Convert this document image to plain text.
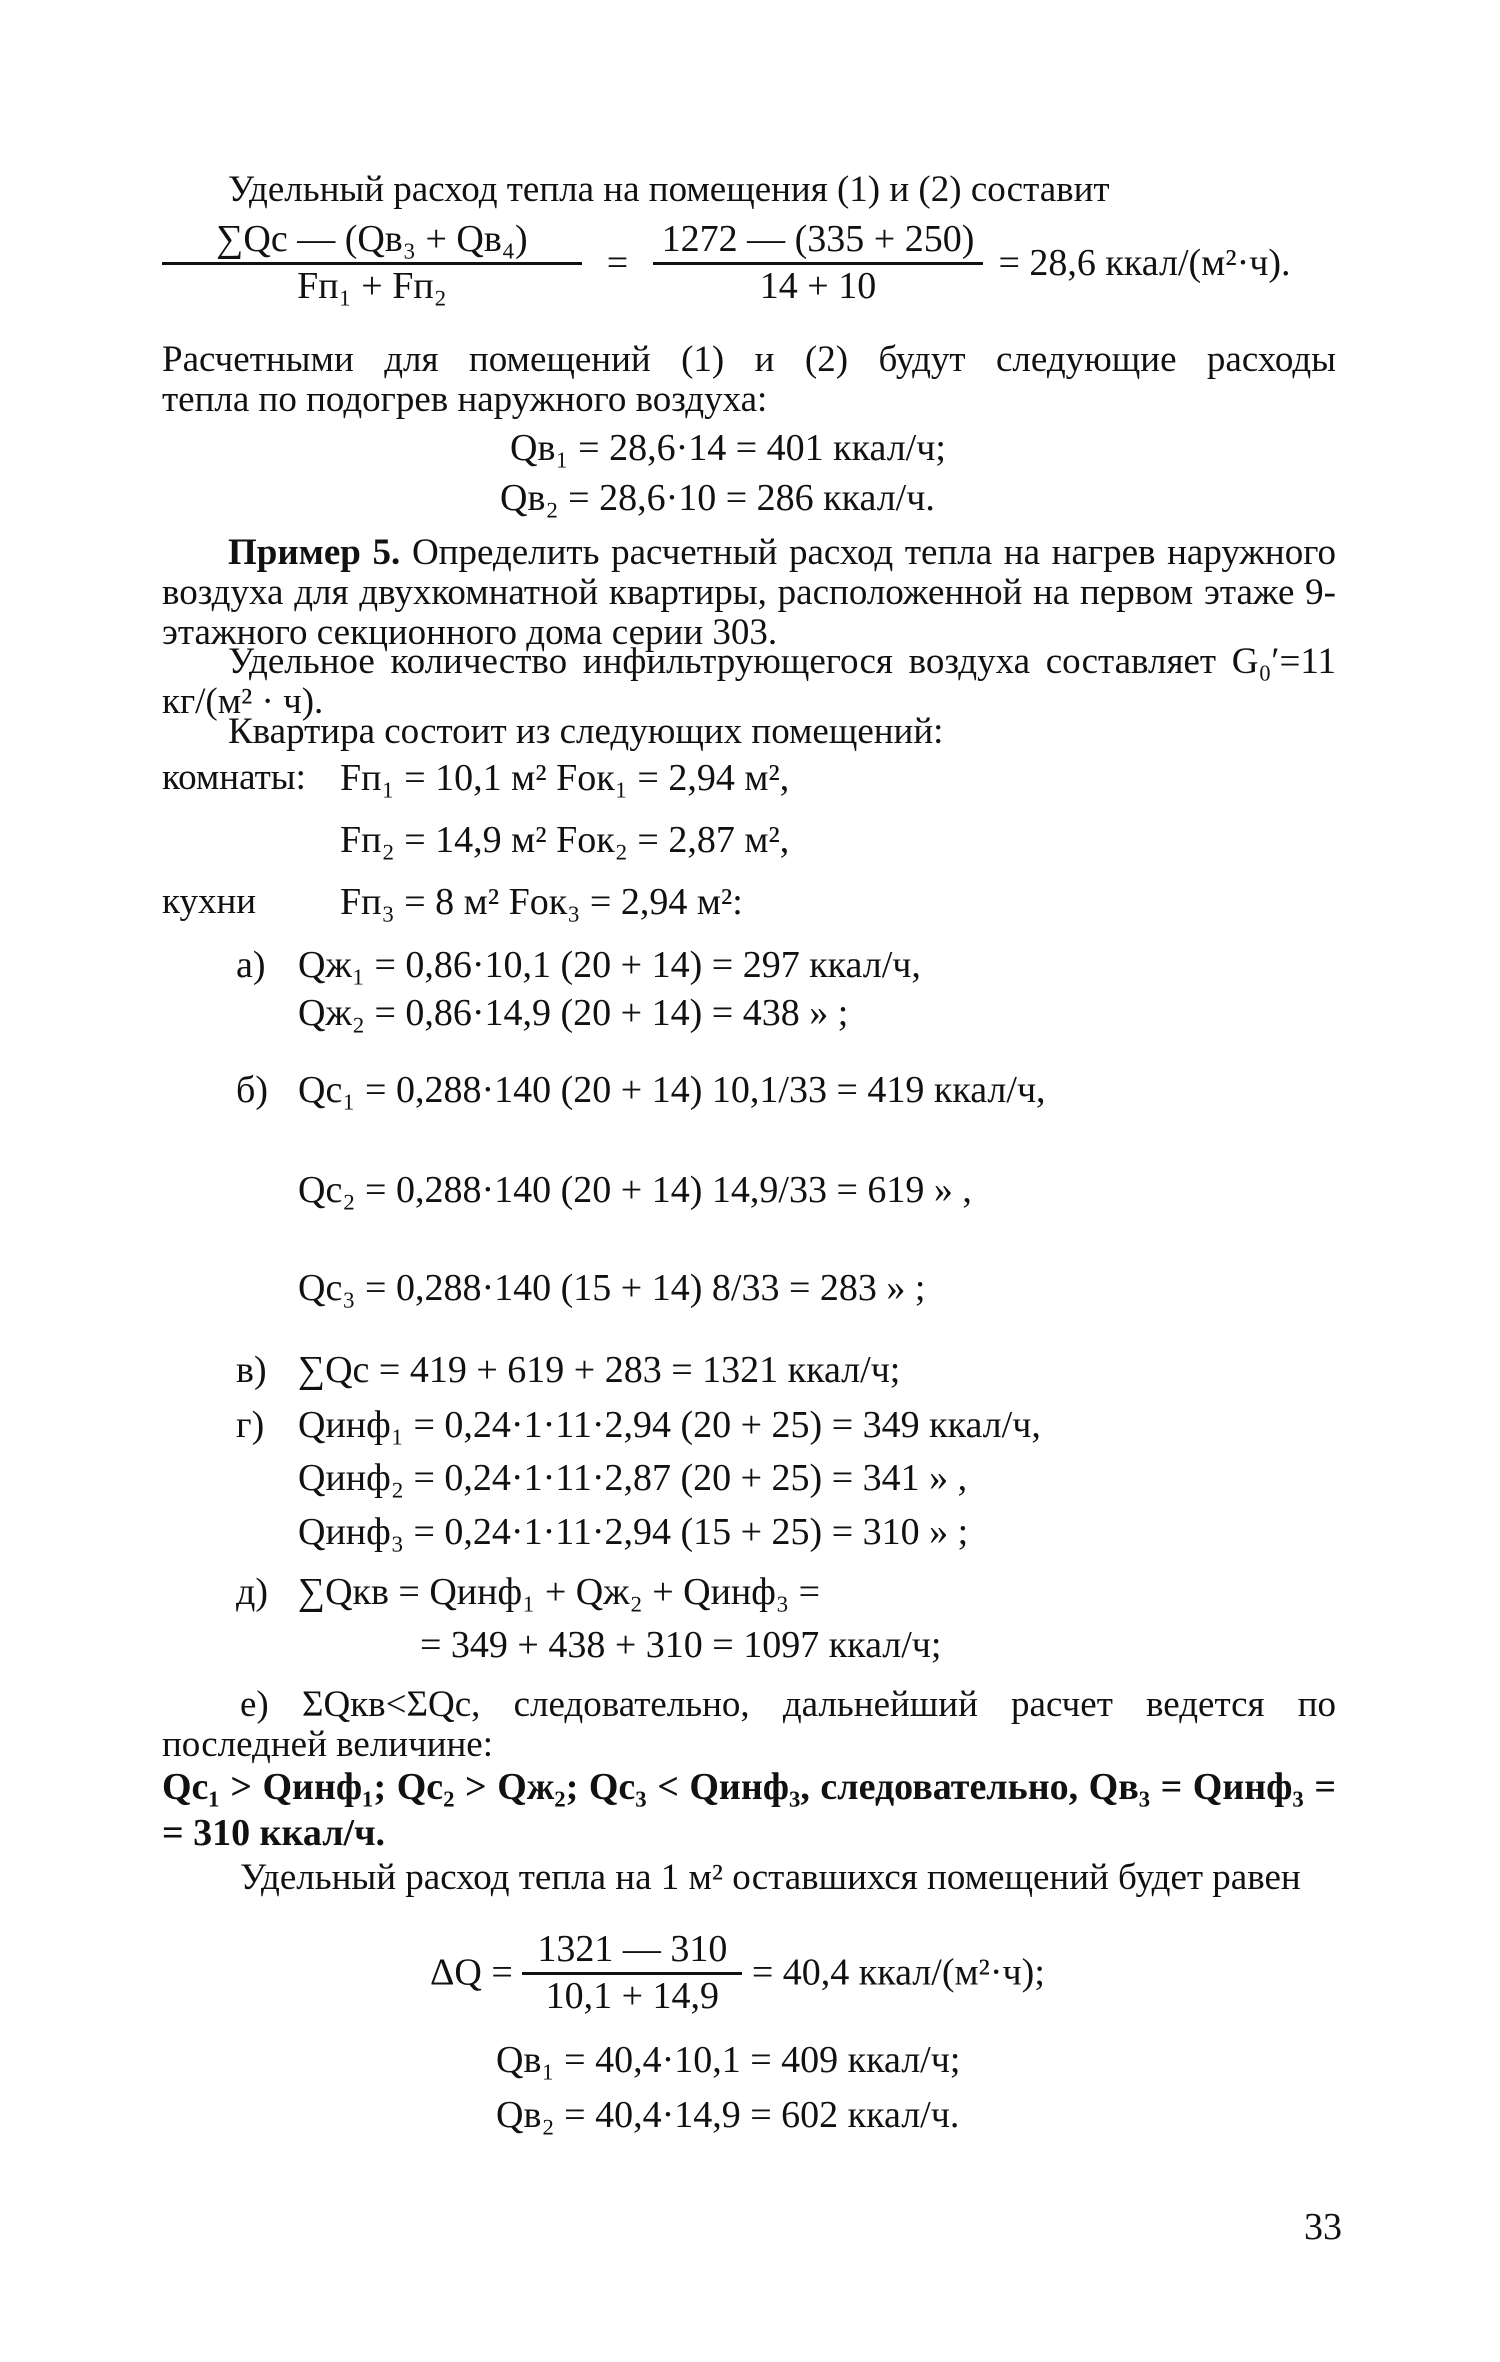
Удельный расход тепла на помещения (1) и (2) составит
$\frac{\text{∑Qс — (Qв₃ + Qв₄)}}{\text{Fп₁ + Fп₂}} = \frac{1272 — (335 + 250)}{14 + 10} = 28,6$ ккал/(м²·ч).
Расчетными для помещений (1) и (2) будут следующие расходы
тепла по подогрев наружного воздуха:
Qв₁ = 28,6·14 = 401 ккал/ч;
Qв₂ = 28,6·10 = 286 ккал/ч.
Пример 5. Определить расчетный расход тепла на нагрев наружного воздуха для двухкомнатной квартиры, расположенной на первом этаже 9-этажного секционного дома серии 303.
Удельное количество инфильтрующегося воздуха составляет G₀′=11 кг/(м² · ч).
Квартира состоит из следующих помещений:
комнаты: Fп₁ = 10,1 м² Fок₁ = 2,94 м²,
Fп₂ = 14,9 м² Fок₂ = 2,87 м²,
кухни Fп₃ = 8 м² Fок₃ = 2,94 м²:
а) Qж₁ = 0,86·10,1 (20 + 14) = 297 ккал/ч,
Qж₂ = 0,86·14,9 (20 + 14) = 438 » ;
б) Qс₁ = 0,288·140 (20 + 14) 10,1/33 = 419 ккал/ч,
Qс₂ = 0,288·140 (20 + 14) 14,9/33 = 619 » ,
Qс₃ = 0,288·140 (15 + 14) 8/33 = 283 » ;
в) ∑Qс = 419 + 619 + 283 = 1321 ккал/ч;
г) Qинф₁ = 0,24·1·11·2,94 (20 + 25) = 349 ккал/ч,
Qинф₂ = 0,24·1·11·2,87 (20 + 25) = 341 » ,
Qинф₃ = 0,24·1·11·2,94 (15 + 25) = 310 » ;
д) ∑Qкв = Qинф₁ + Qж₂ + Qинф₃ =
= 349 + 438 + 310 = 1097 ккал/ч;
е) ΣQкв<ΣQс, следовательно, дальнейший расчет ведется по последней величине:
Qс₁ > Qинф₁; Qс₂ > Qж₂; Qс₃ < Qинф₃, следовательно, Qв₃ = Qинф₃ = = 310 ккал/ч.
Удельный расход тепла на 1 м² оставшихся помещений будет равен
$\Delta Q = \frac{1321 — 310}{10,1 + 14,9} = 40,4$ ккал/(м²·ч);
Qв₁ = 40,4·10,1 = 409 ккал/ч;
Qв₂ = 40,4·14,9 = 602 ккал/ч.
33
